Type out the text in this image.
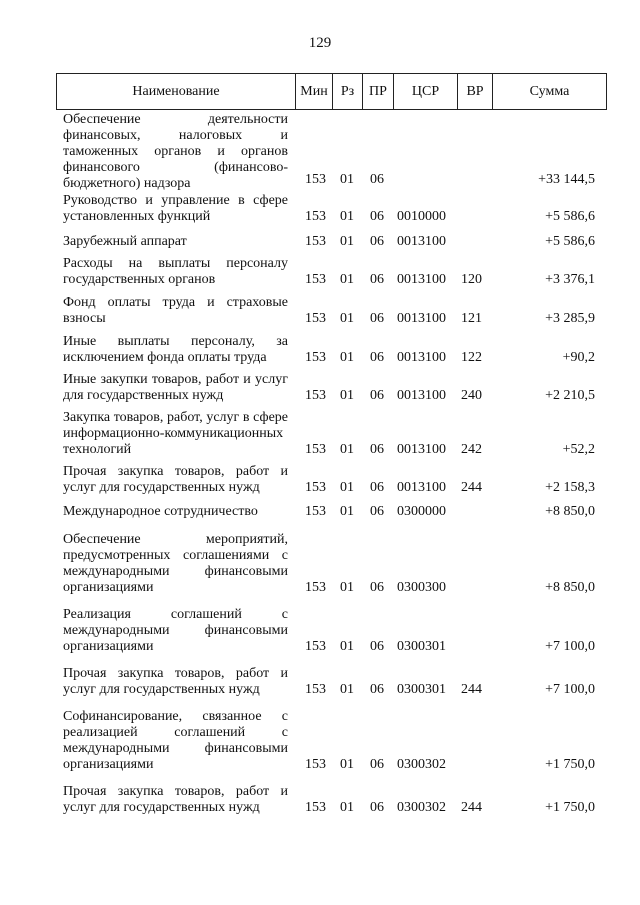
129
Наименование	Мин Рз	ПР	ЦСР	ВР	Сумма
Обеспечение деятельности финансовых, налоговых и таможенных органов и органов финансового (финансово-бюджетного) надзора	153 01 06	+33 144,5
Руководство и управление в сфере установленных функций	153 01 06 0010000	+5 586,6
Зарубежный аппарат	153 01 06 0013100	+5 586,6
Расходы на выплаты персоналу государственных органов	153 01 06 0013100 120	+3 376,1
Фонд оплаты труда и страховые взносы	153 01 06 0013100 121	+3 285,9
Иные выплаты персоналу, за исключением фонда оплаты труда	153 01 06 0013100 122	+90,2
Иные закупки товаров, работ и услуг для государственных нужд	153 01 06 0013100 240	+2 210,5
Закупка товаров, работ, услуг в сфере информационно-коммуникационных технологий	153 01 06 0013100 242	+52,2
Прочая закупка товаров, работ и услуг для государственных нужд	153 01 06 0013100 244	+2 158,3
Международное сотрудничество	153 01 06 0300000	+8 850,0
Обеспечение мероприятий, предусмотренных соглашениями с международными финансовыми организациями	153 01 06 0300300	+8 850,0
Реализация соглашений с международными финансовыми организациями	153 01 06 0300301	+7 100,0
Прочая закупка товаров, работ и услуг для государственных нужд	153 01 06 0300301 244	+7 100,0
Софинансирование, связанное с реализацией соглашений с международными финансовыми организациями	153 01 06 0300302	+1 750,0
Прочая закупка товаров, работ и услуг для государственных нужд	153 01 06 0300302 244	+1 750,0
